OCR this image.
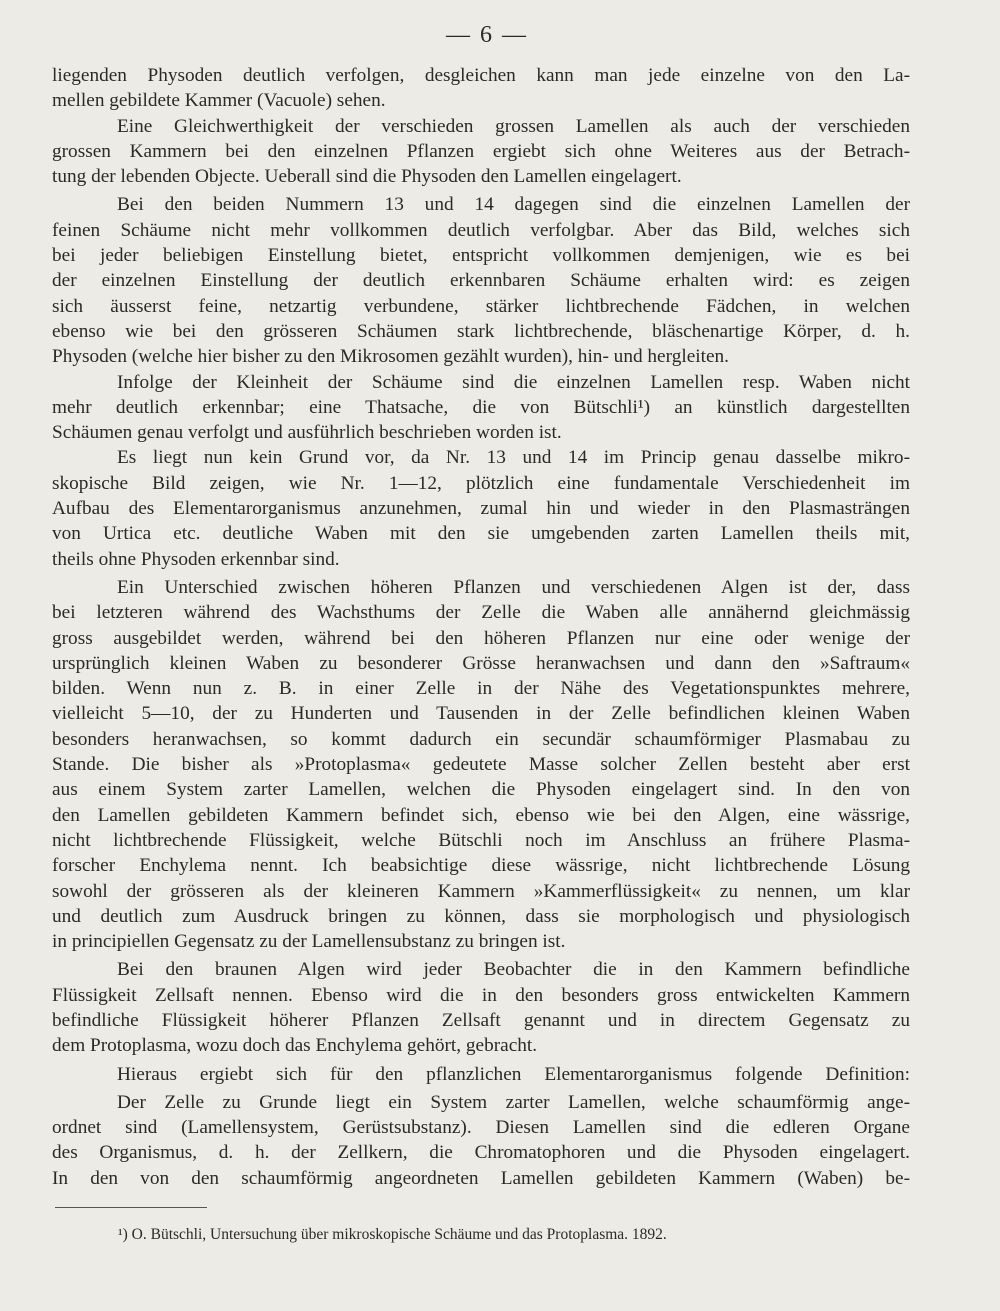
— 6 —
liegenden Physoden deutlich verfolgen, desgleichen kann man jede einzelne von den La-
mellen gebildete Kammer (Vacuole) sehen.
Eine Gleichwerthigkeit der verschieden grossen Lamellen als auch der verschieden
grossen Kammern bei den einzelnen Pflanzen ergiebt sich ohne Weiteres aus der Betrach-
tung der lebenden Objecte. Ueberall sind die Physoden den Lamellen eingelagert.
Bei den beiden Nummern 13 und 14 dagegen sind die einzelnen Lamellen der
feinen Schäume nicht mehr vollkommen deutlich verfolgbar. Aber das Bild, welches sich
bei jeder beliebigen Einstellung bietet, entspricht vollkommen demjenigen, wie es bei
der einzelnen Einstellung der deutlich erkennbaren Schäume erhalten wird: es zeigen
sich äusserst feine, netzartig verbundene, stärker lichtbrechende Fädchen, in welchen
ebenso wie bei den grösseren Schäumen stark lichtbrechende, bläschenartige Körper, d. h.
Physoden (welche hier bisher zu den Mikrosomen gezählt wurden), hin- und hergleiten.
Infolge der Kleinheit der Schäume sind die einzelnen Lamellen resp. Waben nicht
mehr deutlich erkennbar; eine Thatsache, die von Bütschli¹) an künstlich dargestellten
Schäumen genau verfolgt und ausführlich beschrieben worden ist.
Es liegt nun kein Grund vor, da Nr. 13 und 14 im Princip genau dasselbe mikro-
skopische Bild zeigen, wie Nr. 1—12, plötzlich eine fundamentale Verschiedenheit im
Aufbau des Elementarorganismus anzunehmen, zumal hin und wieder in den Plasmasträngen
von Urtica etc. deutliche Waben mit den sie umgebenden zarten Lamellen theils mit,
theils ohne Physoden erkennbar sind.
Ein Unterschied zwischen höheren Pflanzen und verschiedenen Algen ist der, dass
bei letzteren während des Wachsthums der Zelle die Waben alle annähernd gleichmässig
gross ausgebildet werden, während bei den höheren Pflanzen nur eine oder wenige der
ursprünglich kleinen Waben zu besonderer Grösse heranwachsen und dann den »Saftraum«
bilden. Wenn nun z. B. in einer Zelle in der Nähe des Vegetationspunktes mehrere,
vielleicht 5—10, der zu Hunderten und Tausenden in der Zelle befindlichen kleinen Waben
besonders heranwachsen, so kommt dadurch ein secundär schaumförmiger Plasmabau zu
Stande. Die bisher als »Protoplasma« gedeutete Masse solcher Zellen besteht aber erst
aus einem System zarter Lamellen, welchen die Physoden eingelagert sind. In den von
den Lamellen gebildeten Kammern befindet sich, ebenso wie bei den Algen, eine wässrige,
nicht lichtbrechende Flüssigkeit, welche Bütschli noch im Anschluss an frühere Plasma-
forscher Enchylema nennt. Ich beabsichtige diese wässrige, nicht lichtbrechende Lösung
sowohl der grösseren als der kleineren Kammern »Kammerflüssigkeit« zu nennen, um klar
und deutlich zum Ausdruck bringen zu können, dass sie morphologisch und physiologisch
in principiellen Gegensatz zu der Lamellensubstanz zu bringen ist.
Bei den braunen Algen wird jeder Beobachter die in den Kammern befindliche
Flüssigkeit Zellsaft nennen. Ebenso wird die in den besonders gross entwickelten Kammern
befindliche Flüssigkeit höherer Pflanzen Zellsaft genannt und in directem Gegensatz zu
dem Protoplasma, wozu doch das Enchylema gehört, gebracht.
Hieraus ergiebt sich für den pflanzlichen Elementarorganismus folgende Definition:
Der Zelle zu Grunde liegt ein System zarter Lamellen, welche schaumförmig ange-
ordnet sind (Lamellensystem, Gerüstsubstanz). Diesen Lamellen sind die edleren Organe
des Organismus, d. h. der Zellkern, die Chromatophoren und die Physoden eingelagert.
In den von den schaumförmig angeordneten Lamellen gebildeten Kammern (Waben) be-
¹) O. Bütschli, Untersuchung über mikroskopische Schäume und das Protoplasma. 1892.
